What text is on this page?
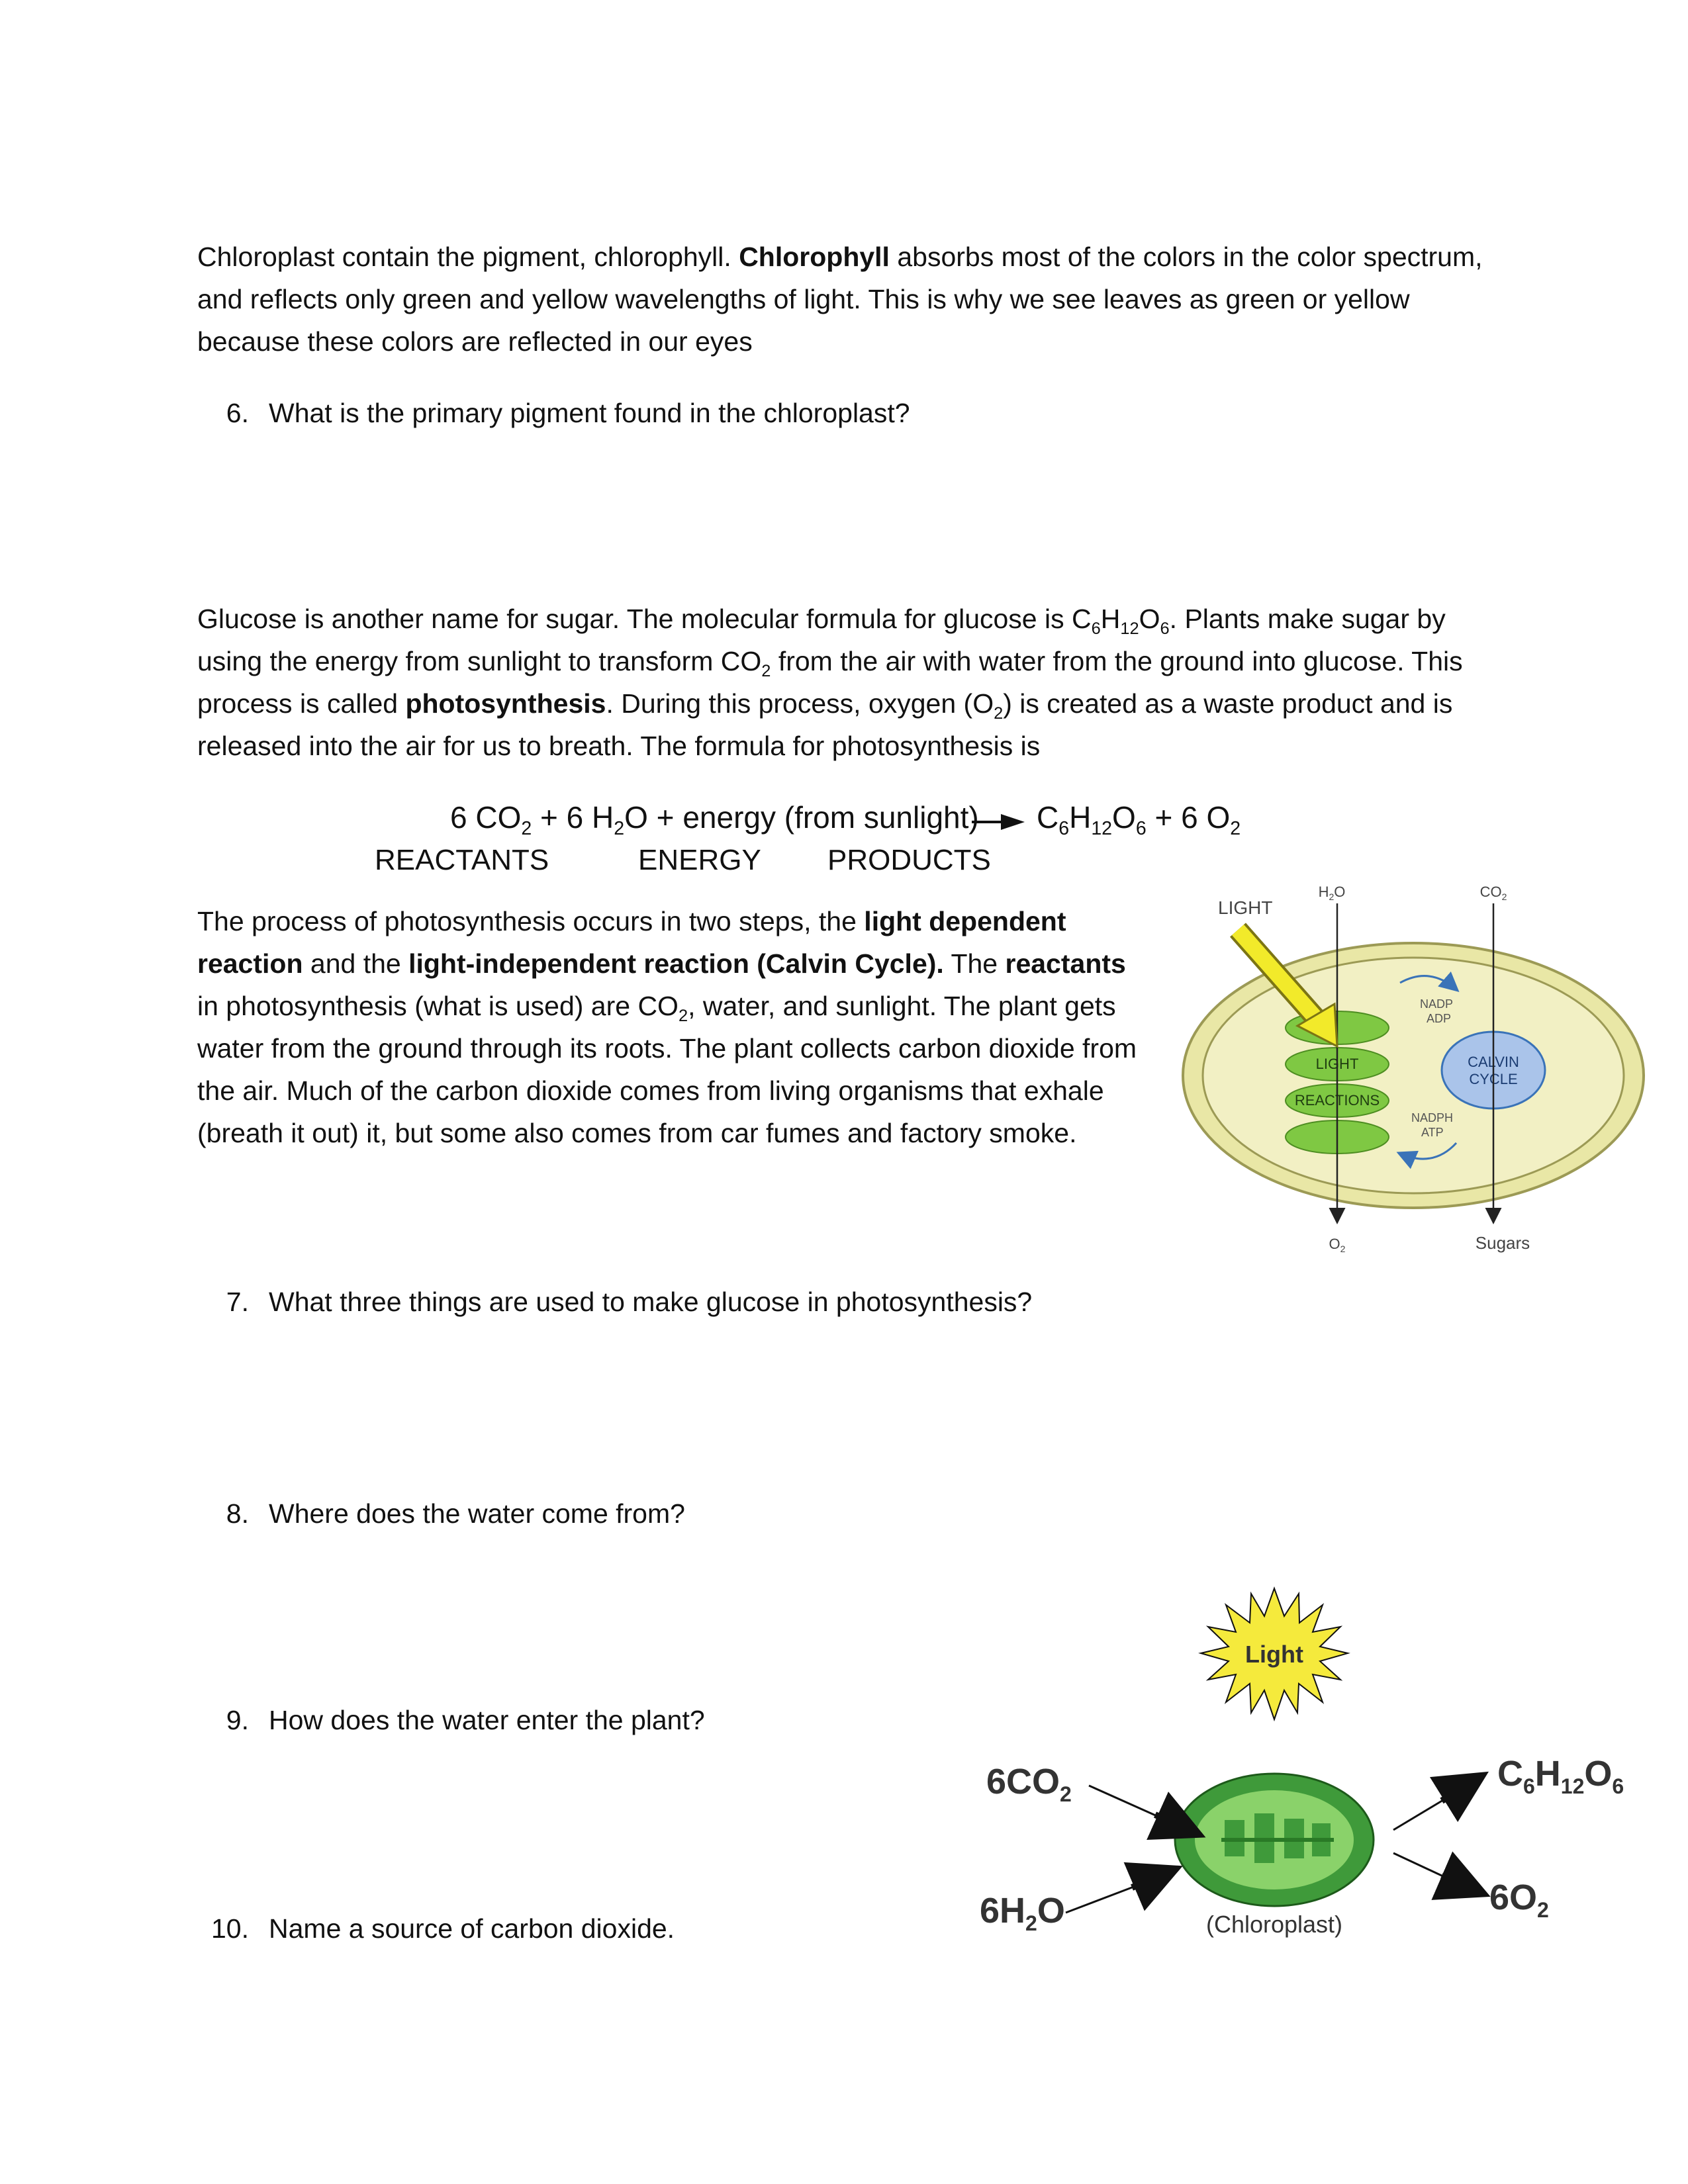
Chloroplast contain the pigment, chlorophyll. Chlorophyll absorbs most of the colors in the color spectrum, and reflects only green and yellow wavelengths of light. This is why we see leaves as green or yellow because these colors are reflected in our eyes
6. What is the primary pigment found in the chloroplast?
Glucose is another name for sugar. The molecular formula for glucose is $C_6H_{12}O_6$. Plants make sugar by using the energy from sunlight to transform $CO_2$ from the air with water from the ground into glucose. This process is called photosynthesis. During this process, oxygen $(O_2)$ is created as a waste product and is released into the air for us to breath. The formula for photosynthesis is
6 $CO_2 + 6$ $H_2O$ + energy (from sunlight) $C_6H_{12}O_6 + 6$ $O_2$
REACTANTS	ENERGY PRODUCTS
The process of photosynthesis occurs in two steps, the light dependent reaction and the light-independent reaction (Calvin Cycle). The reactants in photosynthesis (what is used) are $CO_2$, water, and sunlight. The plant gets water from the ground through its roots. The plant collects carbon dioxide from the air. Much of the carbon dioxide comes from living organisms that exhale (breath it out) it, but some also comes from car fumes and factory smoke.
LIGHT
REACTIONS
CALVIN
CYCLE
LIGHT
$H_2O$	$CO_2$
NADP
ADP
NADPH
ATP
$O_2$	Sugars
7. What three things are used to make glucose in photosynthesis?
8. Where does the water come from?
9. How does the water enter the plant?
10. Name a source of carbon dioxide.
Light
(Chloroplast)
$6CO_2$
$6H_2O$
$C_6H_{12}O_6$
$6O_2$
